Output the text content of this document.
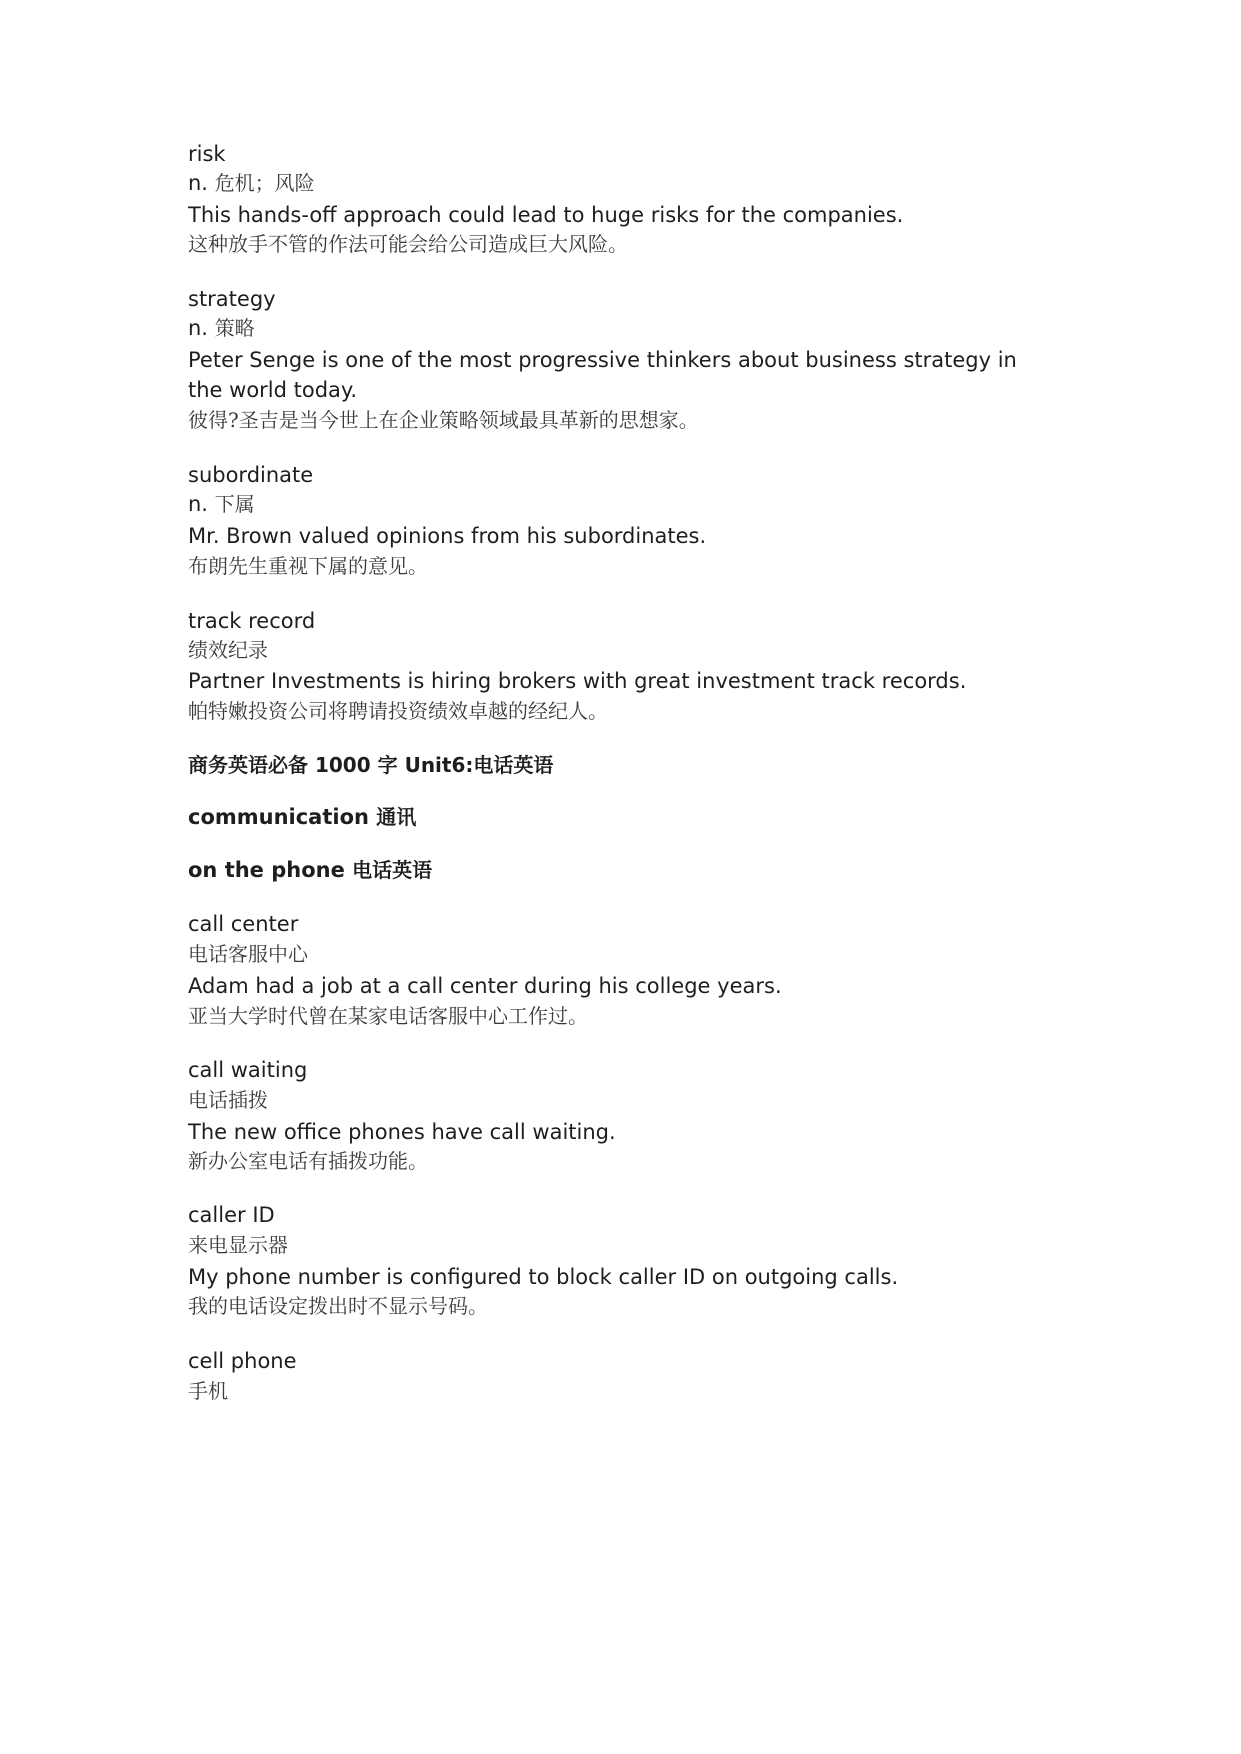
risk
n. 危机；风险
This hands-off approach could lead to huge risks for the companies.
这种放手不管的作法可能会给公司造成巨大风险。
strategy
n. 策略
Peter Senge is one of the most progressive thinkers about business strategy in
the world today.
彼得?圣吉是当今世上在企业策略领域最具革新的思想家。
subordinate
n. 下属
Mr. Brown valued opinions from his subordinates.
布朗先生重视下属的意见。
track record
绩效纪录
Partner Investments is hiring brokers with great investment track records.
帕特嫩投资公司将聘请投资绩效卓越的经纪人。
商务英语必备 1000 字 Unit6:电话英语
communication 通讯
on the phone 电话英语
call center
电话客服中心
Adam had a job at a call center during his college years.
亚当大学时代曾在某家电话客服中心工作过。
call waiting
电话插拨
The new office phones have call waiting.
新办公室电话有插拨功能。
caller ID
来电显示器
My phone number is configured to block caller ID on outgoing calls.
我的电话设定拨出时不显示号码。
cell phone
手机
